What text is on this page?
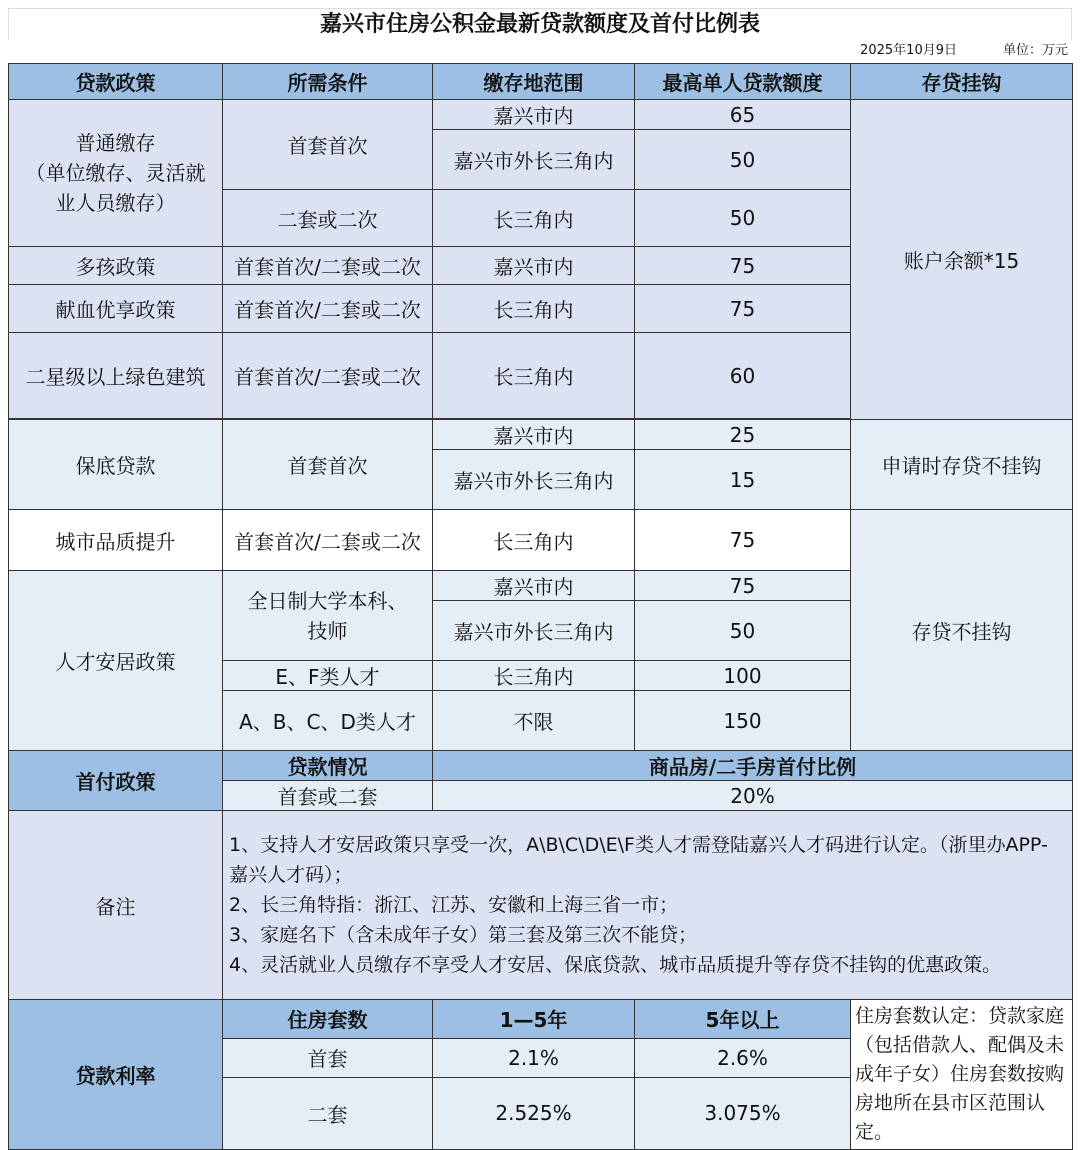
嘉兴市住房公积金最新贷款额度及首付比例表
2025年10月9日	单位：万元
贷款政策	所需条件	缴存地范围	最高单人贷款额度	存贷挂钩
普通缴存
（单位缴存、灵活就
业人员缴存）	首套首次	嘉兴市内	65	账户余额*15
		嘉兴市外长三角内	50	
	二套或二次	长三角内	50	
多孩政策	首套首次/二套或二次	嘉兴市内	75	
献血优享政策	首套首次/二套或二次	长三角内	75	
二星级以上绿色建筑	首套首次/二套或二次	长三角内	60	

保底贷款	首套首次	嘉兴市内	25	申请时存贷不挂钩
		嘉兴市外长三角内	15	
城市品质提升	首套首次/二套或二次	长三角内	75	存贷不挂钩
人才安居政策	全日制大学本科、
技师	嘉兴市内	75	
		嘉兴市外长三角内	50	
	E、F类人才	长三角内	100	
	A、B、C、D类人才	不限	150	
首付政策	贷款情况	商品房/二手房首付比例		
	首套或二套	20%		
备注	1、支持人才安居政策只享受一次，A\B\C\D\E\F类人才需登陆嘉兴人才码进行认定。（浙里办APP-嘉兴人才码）；
2、长三角特指：浙江、江苏、安徽和上海三省一市；
3、家庭名下（含未成年子女）第三套及第三次不能贷；
4、灵活就业人员缴存不享受人才安居、保底贷款、城市品质提升等存贷不挂钩的优惠政策。			

贷款利率	住房套数	1—5年	5年以上	住房套数认定：贷款家庭（包括借款人、配偶及未成年子女）住房套数按购房地所在县市区范围认定。
	首套	2.1%	2.6%	
	二套	2.525%	3.075%	
